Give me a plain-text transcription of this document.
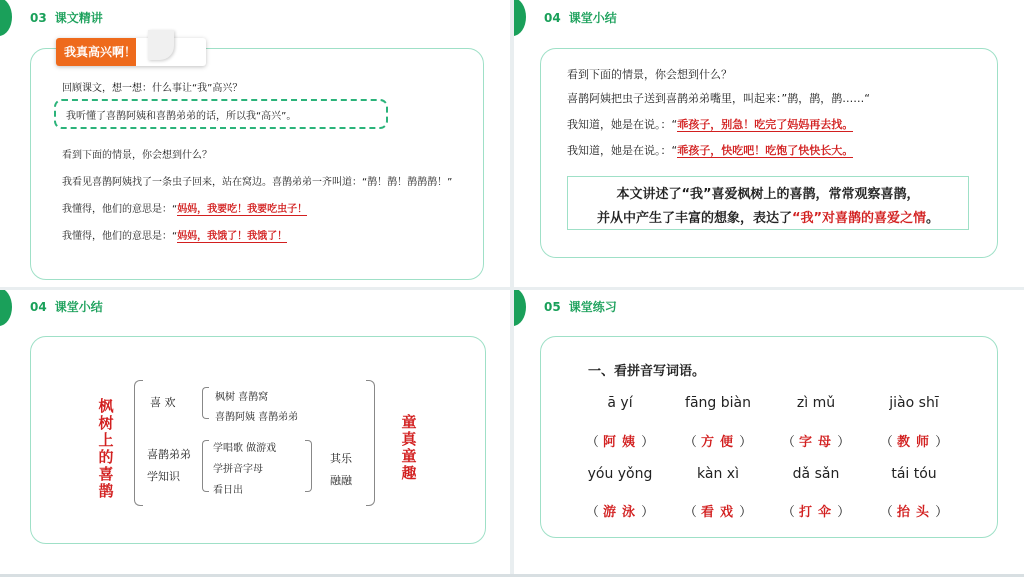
03 课文精讲
我真高兴啊！
回顾课文，想一想：什么事让“我”高兴？
我听懂了喜鹊阿姨和喜鹊弟弟的话，所以我“高兴”。
看到下面的情景，你会想到什么？
我看见喜鹊阿姨找了一条虫子回来，站在窝边。喜鹊弟弟一齐叫道：“鹊！鹊！鹊鹊鹊！”
我懂得，他们的意思是：“妈妈，我要吃！我要吃虫子！
我懂得，他们的意思是：“妈妈，我饿了！我饿了！
04 课堂小结
看到下面的情景，你会想到什么？
喜鹊阿姨把虫子送到喜鹊弟弟嘴里，叫起来：”鹊，鹊，鹊……“
我知道，她是在说。：“乖孩子，别急！吃完了妈妈再去找。
我知道，她是在说。：“乖孩子，快吃吧！吃饱了快快长大。
本文讲述了“我”喜爱枫树上的喜鹊，常常观察喜鹊，
并从中产生了丰富的想象，表达了“我”对喜鹊的喜爱之情。
04 课堂小结
枫树上的喜鹊
童真童趣
喜 欢	枫树 喜鹊窝
喜鹊阿姨 喜鹊弟弟
喜鹊弟弟
学知识
学唱歌 做游戏
学拼音字母
看日出
其乐
融融
05 课堂练习
一、看拼音写词语。
ā yí	fāng biàn	zì mǔ	jiào shī
（ 阿姨）	（ 方便）	（ 字母）	（ 教师）
yóu yǒng	kàn xì	dǎ sǎn	tái tóu
（ 游泳）	（ 看戏）	（ 打伞）	（ 抬头）
